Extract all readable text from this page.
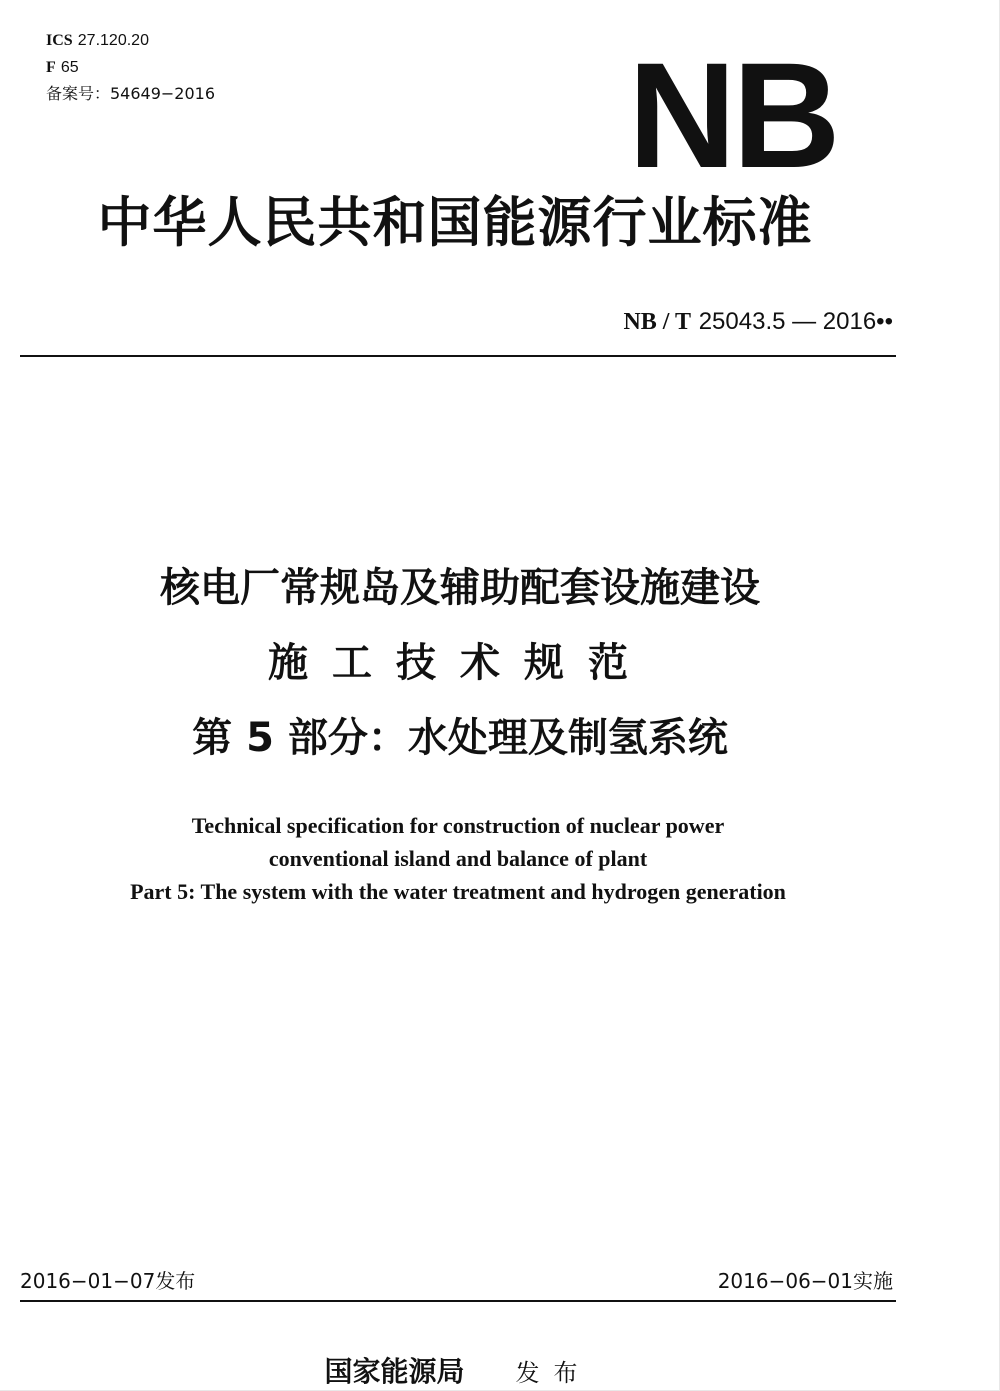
ICS 27.120.20
F 65
备案号：54649−2016	NB
中华人民共和国能源行业标准
NB / T 25043.5 — 2016••
核电厂常规岛及辅助配套设施建设
施工技术规范
第 5 部分：水处理及制氢系统
Technical specification for construction of nuclear power
conventional island and balance of plant
Part 5: The system with the water treatment and hydrogen generation
2016−01−07发布	2016−06−01实施
国家能源局 发布
